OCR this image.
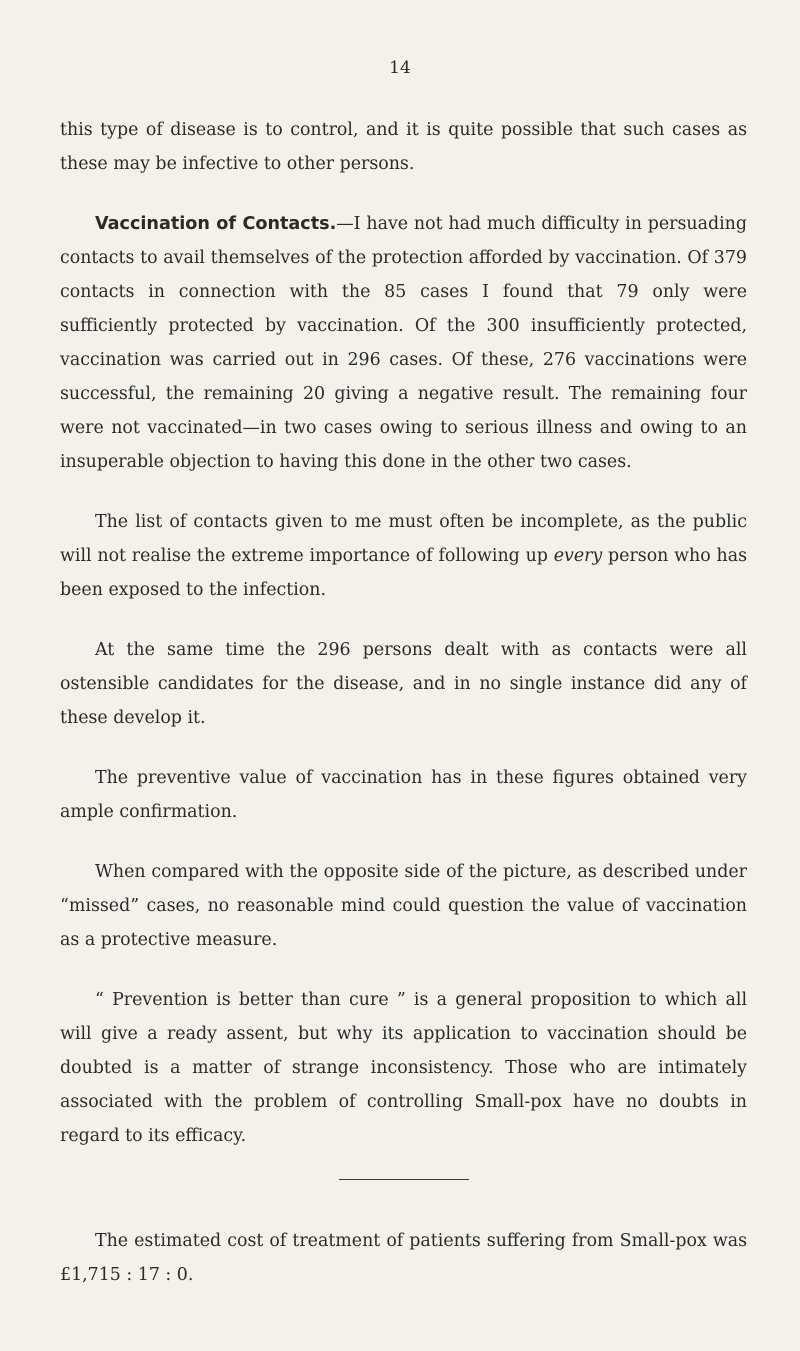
14

this type of disease is to control, and it is quite possible that such cases as these may be infective to other persons.

Vaccination of Contacts.—I have not had much difficulty in persuading contacts to avail themselves of the protection afforded by vaccination. Of 379 contacts in connection with the 85 cases I found that 79 only were sufficiently protected by vaccination. Of the 300 insufficiently protected, vaccination was carried out in 296 cases. Of these, 276 vaccinations were successful, the remaining 20 giving a negative result. The remaining four were not vaccinated—in two cases owing to serious illness and owing to an insuperable objection to having this done in the other two cases.

The list of contacts given to me must often be incomplete, as the public will not realise the extreme importance of following up every person who has been exposed to the infection.

At the same time the 296 persons dealt with as contacts were all ostensible candidates for the disease, and in no single instance did any of these develop it.

The preventive value of vaccination has in these figures obtained very ample confirmation.

When compared with the opposite side of the picture, as described under “missed” cases, no reasonable mind could question the value of vaccination as a protective measure.

“ Prevention is better than cure ” is a general proposition to which all will give a ready assent, but why its application to vaccination should be doubted is a matter of strange inconsistency. Those who are intimately associated with the problem of controlling Small-pox have no doubts in regard to its efficacy.

The estimated cost of treatment of patients suffering from Small-pox was £1,715 : 17 : 0.
